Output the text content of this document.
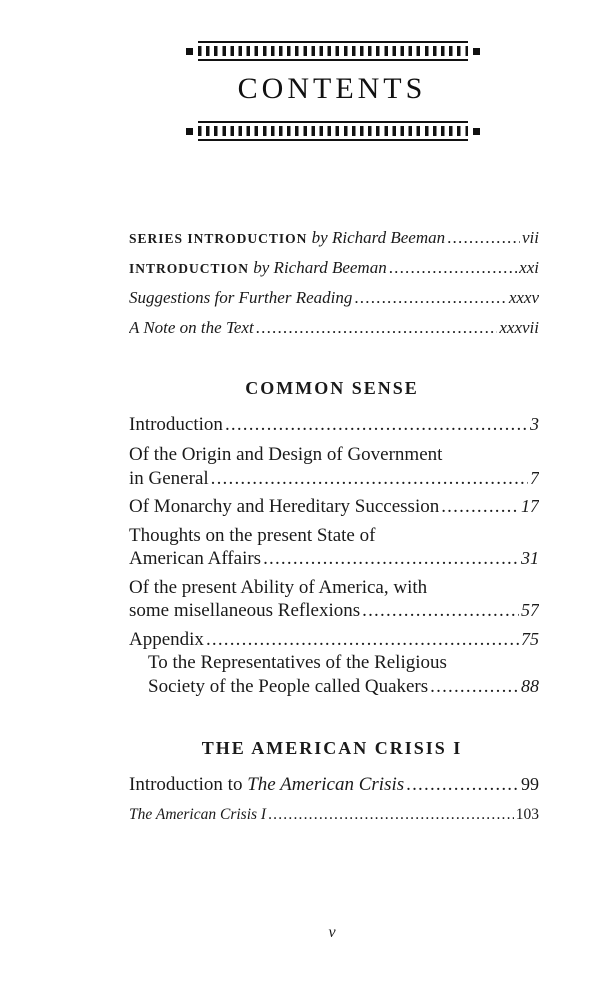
CONTENTS
SERIES INTRODUCTION by Richard Beeman .....	vii
INTRODUCTION by Richard Beeman .....	xxi
Suggestions for Further Reading .....	xxxv
A Note on the Text .....	xxxvii
COMMON SENSE
Introduction .....	3
Of the Origin and Design of Government
in General .....	7
Of Monarchy and Hereditary Succession .....	17
Thoughts on the present State of
American Affairs .....	31
Of the present Ability of America, with
some misellaneous Reflexions .....	57
Appendix .....	75
To the Representatives of the Religious
Society of the People called Quakers .....	88
THE AMERICAN CRISIS I
Introduction to The American Crisis .....	99
The American Crisis I .....	103
v
